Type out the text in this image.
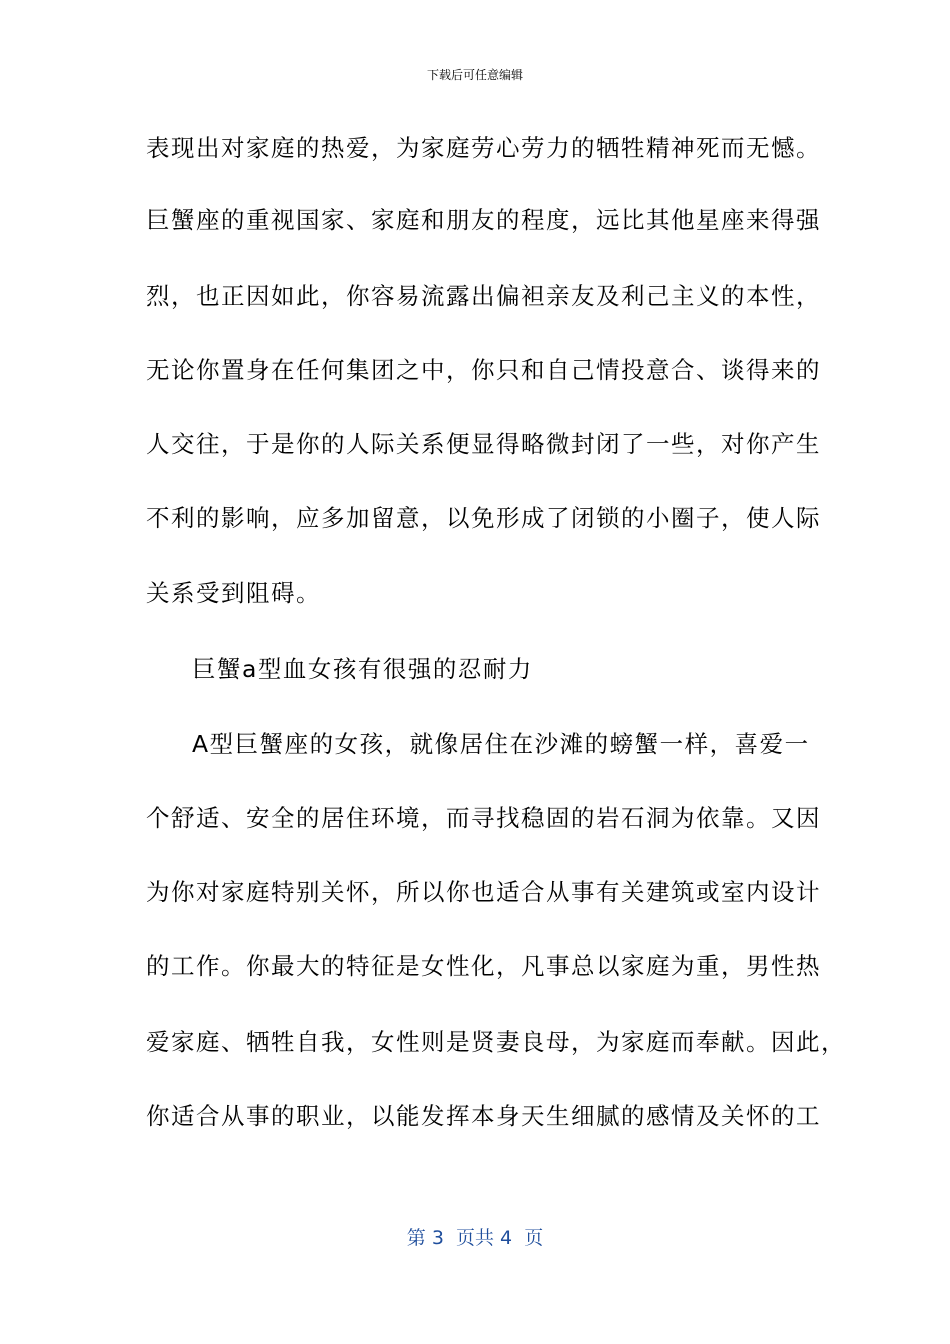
下载后可任意编辑
表现出对家庭的热爱，为家庭劳心劳力的牺牲精神死而无憾。
巨蟹座的重视国家、家庭和朋友的程度，远比其他星座来得强
烈，也正因如此，你容易流露出偏袒亲友及利己主义的本性，
无论你置身在任何集团之中，你只和自己情投意合、谈得来的
人交往，于是你的人际关系便显得略微封闭了一些，对你产生
不利的影响，应多加留意，以免形成了闭锁的小圈子，使人际
关系受到阻碍。
巨蟹a型血女孩有很强的忍耐力
A型巨蟹座的女孩，就像居住在沙滩的螃蟹一样，喜爱一
个舒适、安全的居住环境，而寻找稳固的岩石洞为依靠。又因
为你对家庭特别关怀，所以你也适合从事有关建筑或室内设计
的工作。你最大的特征是女性化，凡事总以家庭为重，男性热
爱家庭、牺牲自我，女性则是贤妻良母，为家庭而奉献。因此，
你适合从事的职业，以能发挥本身天生细腻的感情及关怀的工
第 3  页共 4  页
